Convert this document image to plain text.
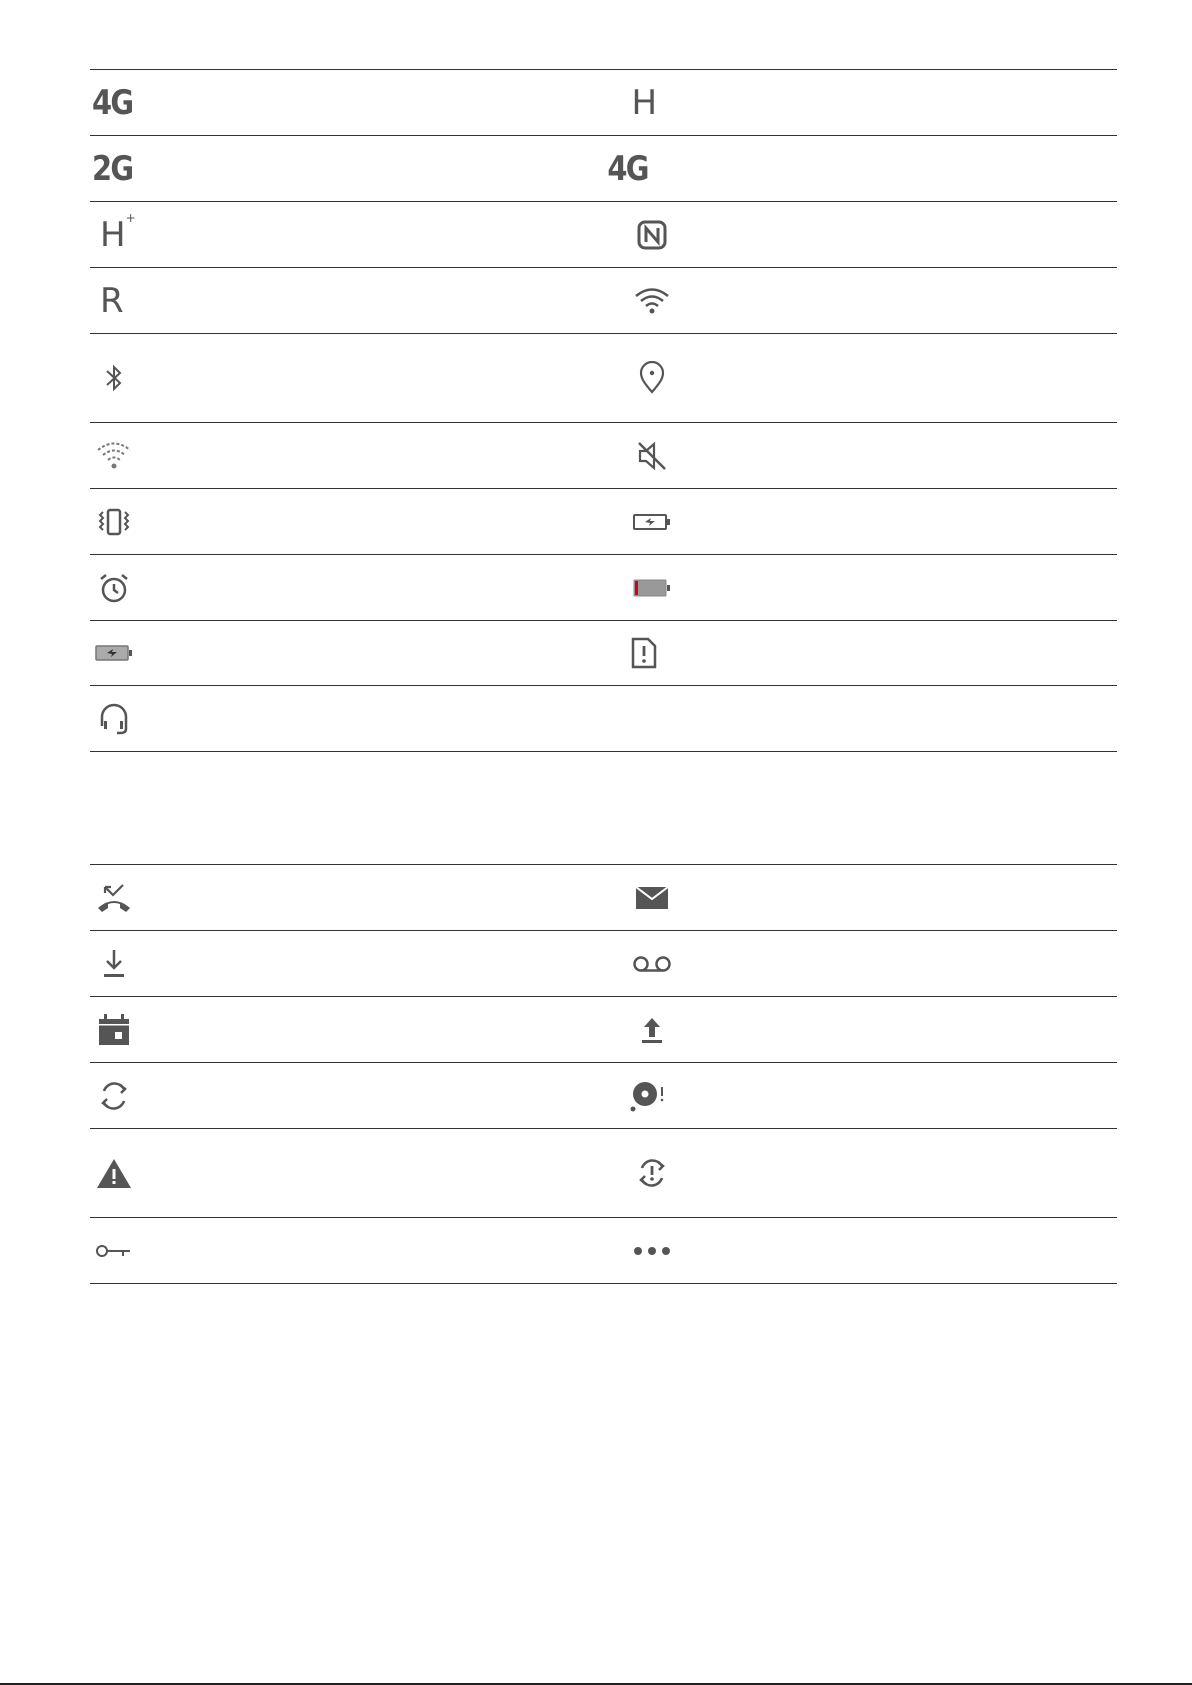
4G	H
2G	4G
H+
R
